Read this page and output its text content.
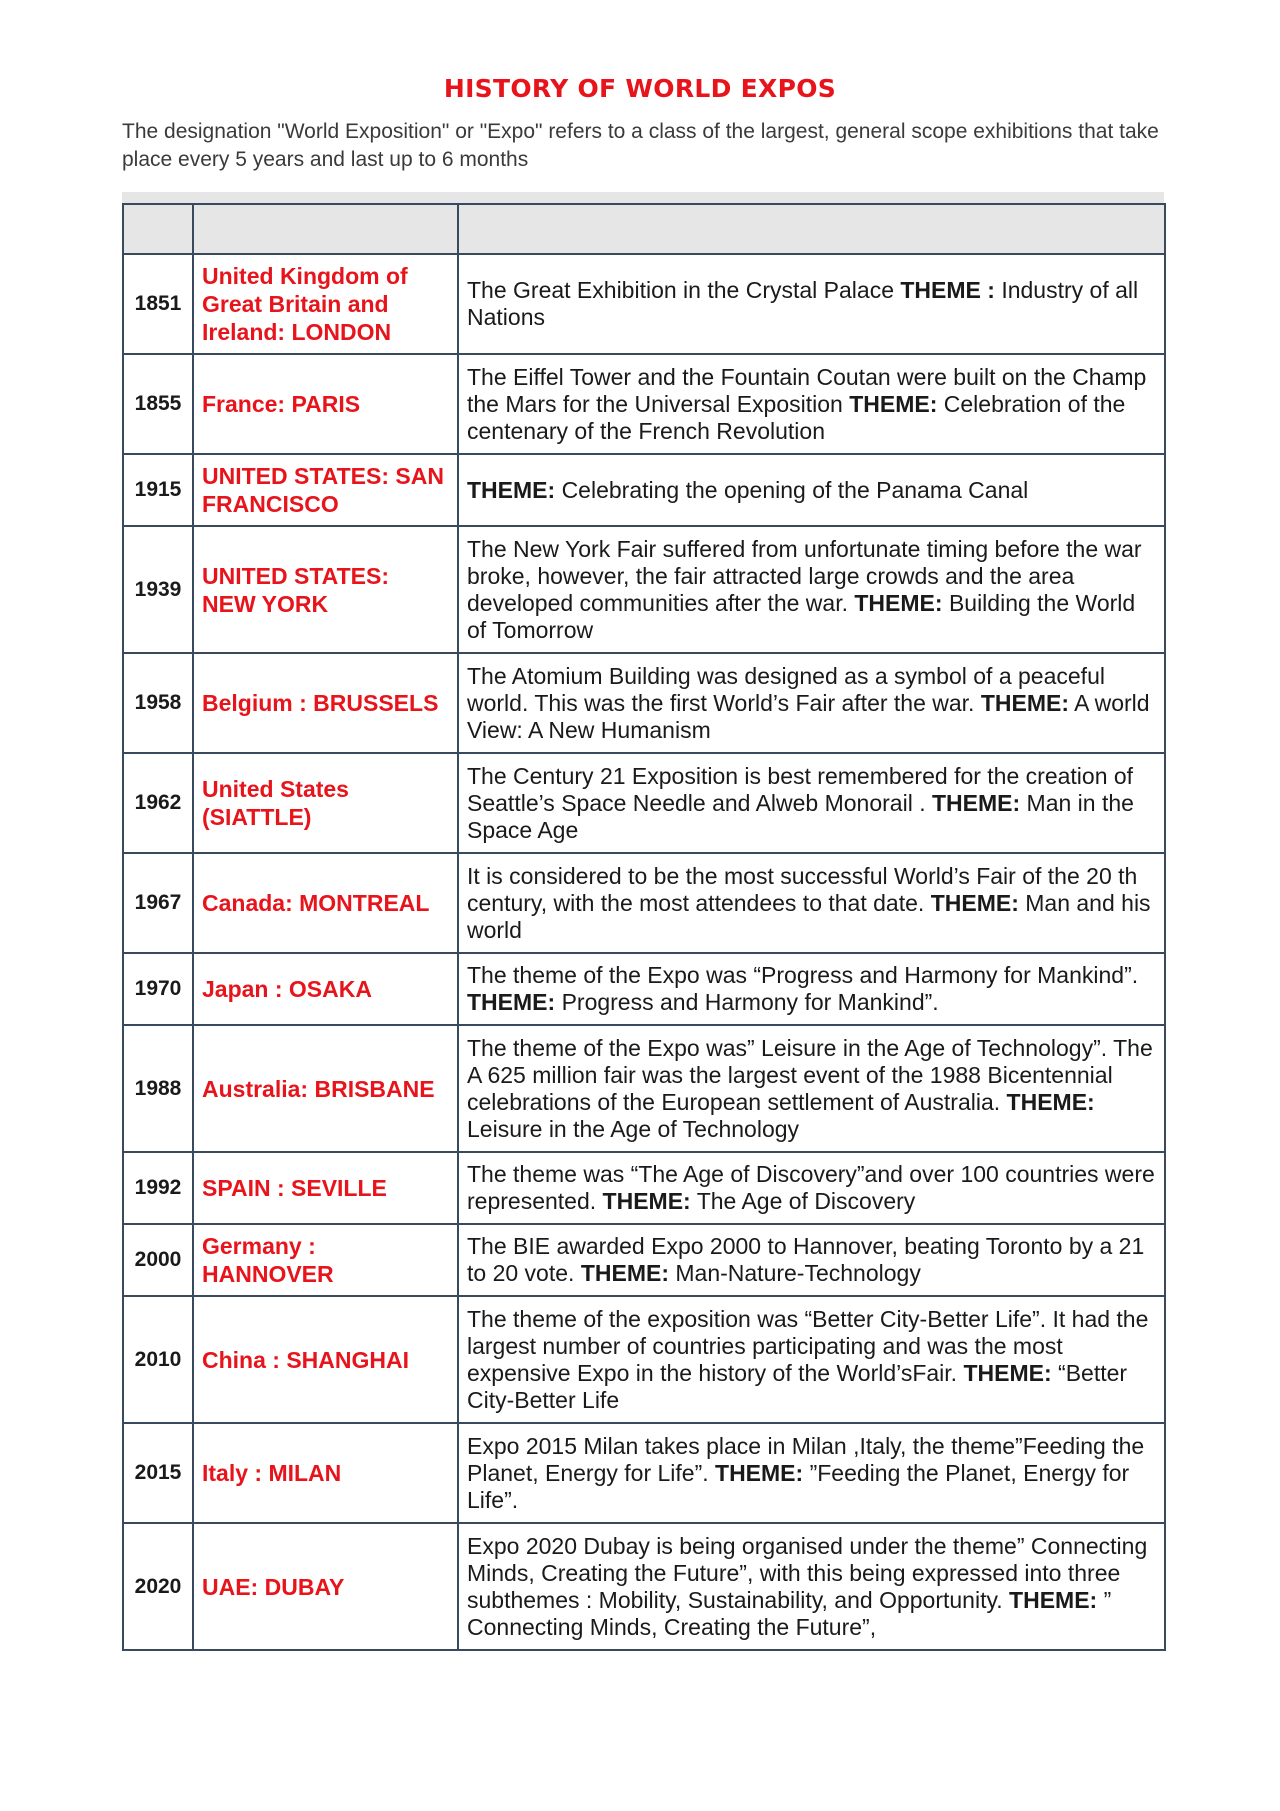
HISTORY OF WORLD EXPOS
The designation "World Exposition" or "Expo" refers to a class of the largest, general scope exhibitions that take place every 5 years and last up to 6 months

1851	United Kingdom of Great Britain and Ireland: LONDON	The Great Exhibition in the Crystal Palace THEME : Industry of all Nations
1855	France: PARIS	The Eiffel Tower and the Fountain Coutan were built on the Champ the Mars for the Universal Exposition THEME: Celebration of the centenary of the French Revolution
1915	UNITED STATES: SAN FRANCISCO	THEME: Celebrating the opening of the Panama Canal
1939	UNITED STATES: NEW YORK	The New York Fair suffered from unfortunate timing before the war broke, however, the fair attracted large crowds and the area developed communities after the war. THEME: Building the World of Tomorrow
1958	Belgium : BRUSSELS	The Atomium Building was designed as a symbol of a peaceful world. This was the first World’s Fair after the war. THEME: A world View: A New Humanism
1962	United States (SIATTLE)	The Century 21 Exposition is best remembered for the creation of Seattle’s Space Needle and Alweb Monorail . THEME: Man in the Space Age
1967	Canada: MONTREAL	It is considered to be the most successful World’s Fair of the 20 th century, with the most attendees to that date. THEME: Man and his world
1970	Japan : OSAKA	The theme of the Expo was “Progress and Harmony for Mankind”. THEME: Progress and Harmony for Mankind”.
1988	Australia: BRISBANE	The theme of the Expo was” Leisure in the Age of Technology”. The A 625 million fair was the largest event of the 1988 Bicentennial celebrations of the European settlement of Australia. THEME: Leisure in the Age of Technology
1992	SPAIN : SEVILLE	The theme was “The Age of Discovery”and over 100 countries were represented. THEME: The Age of Discovery
2000	Germany : HANNOVER	The BIE awarded Expo 2000 to Hannover, beating Toronto by a 21 to 20 vote. THEME: Man-Nature-Technology
2010	China : SHANGHAI	The theme of the exposition was “Better City-Better Life”. It had the largest number of countries participating and was the most expensive Expo in the history of the World’sFair. THEME: “Better City-Better Life
2015	Italy : MILAN	Expo 2015 Milan takes place in Milan ,Italy, the theme”Feeding the Planet, Energy for Life”. THEME: ”Feeding the Planet, Energy for Life”.
2020	UAE: DUBAY	Expo 2020 Dubay is being organised under the theme” Connecting Minds, Creating the Future”, with this being expressed into three subthemes : Mobility, Sustainability, and Opportunity. THEME: ” Connecting Minds, Creating the Future”,
